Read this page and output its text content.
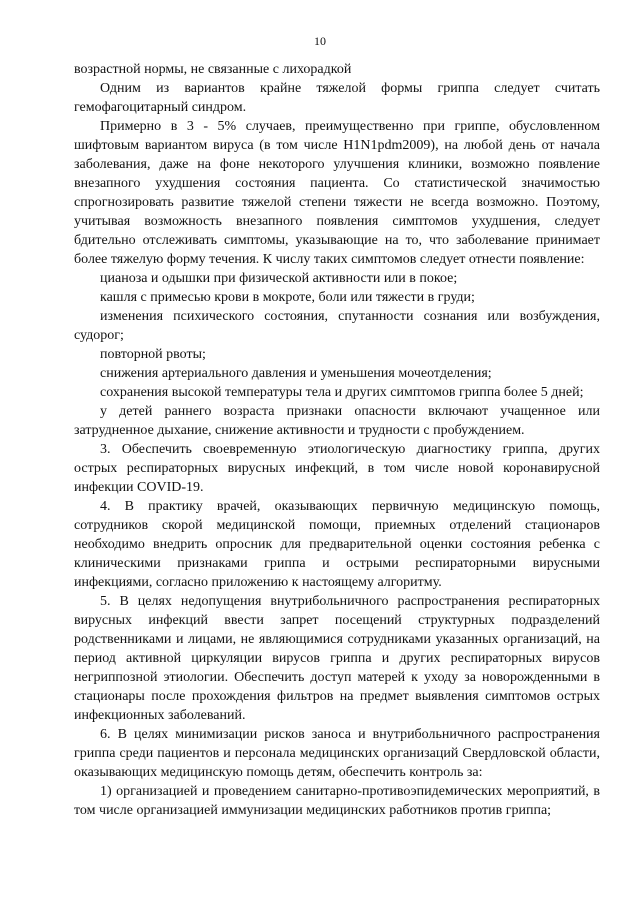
10

возрастной нормы, не связанные с лихорадкой

Одним из вариантов крайне тяжелой формы гриппа следует считать гемофагоцитарный синдром.

Примерно в 3 - 5% случаев, преимущественно при гриппе, обусловленном шифтовым вариантом вируса (в том числе H1N1pdm2009), на любой день от начала заболевания, даже на фоне некоторого улучшения клиники, возможно появление внезапного ухудшения состояния пациента. Со статистической значимостью спрогнозировать развитие тяжелой степени тяжести не всегда возможно. Поэтому, учитывая возможность внезапного появления симптомов ухудшения, следует бдительно отслеживать симптомы, указывающие на то, что заболевание принимает более тяжелую форму течения. К числу таких симптомов следует отнести появление:

цианоза и одышки при физической активности или в покое;

кашля с примесью крови в мокроте, боли или тяжести в груди;

изменения психического состояния, спутанности сознания или возбуждения, судорог;

повторной рвоты;

снижения артериального давления и уменьшения мочеотделения;

сохранения высокой температуры тела и других симптомов гриппа более 5 дней;

у детей раннего возраста признаки опасности включают учащенное или затрудненное дыхание, снижение активности и трудности с пробуждением.

3. Обеспечить своевременную этиологическую диагностику гриппа, других острых респираторных вирусных инфекций, в том числе новой коронавирусной инфекции COVID-19.

4. В практику врачей, оказывающих первичную медицинскую помощь, сотрудников скорой медицинской помощи, приемных отделений стационаров необходимо внедрить опросник для предварительной оценки состояния ребенка с клиническими признаками гриппа и острыми респираторными вирусными инфекциями, согласно приложению к настоящему алгоритму.

5. В целях недопущения внутрибольничного распространения респираторных вирусных инфекций ввести запрет посещений структурных подразделений родственниками и лицами, не являющимися сотрудниками указанных организаций, на период активной циркуляции вирусов гриппа и других респираторных вирусов негриппозной этиологии. Обеспечить доступ матерей к уходу за новорожденными в стационары после прохождения фильтров на предмет выявления симптомов острых инфекционных заболеваний.

6. В целях минимизации рисков заноса и внутрибольничного распространения гриппа среди пациентов и персонала медицинских организаций Свердловской области, оказывающих медицинскую помощь детям, обеспечить контроль за:

1) организацией и проведением санитарно-противоэпидемических мероприятий, в том числе организацией иммунизации медицинских работников против гриппа;
